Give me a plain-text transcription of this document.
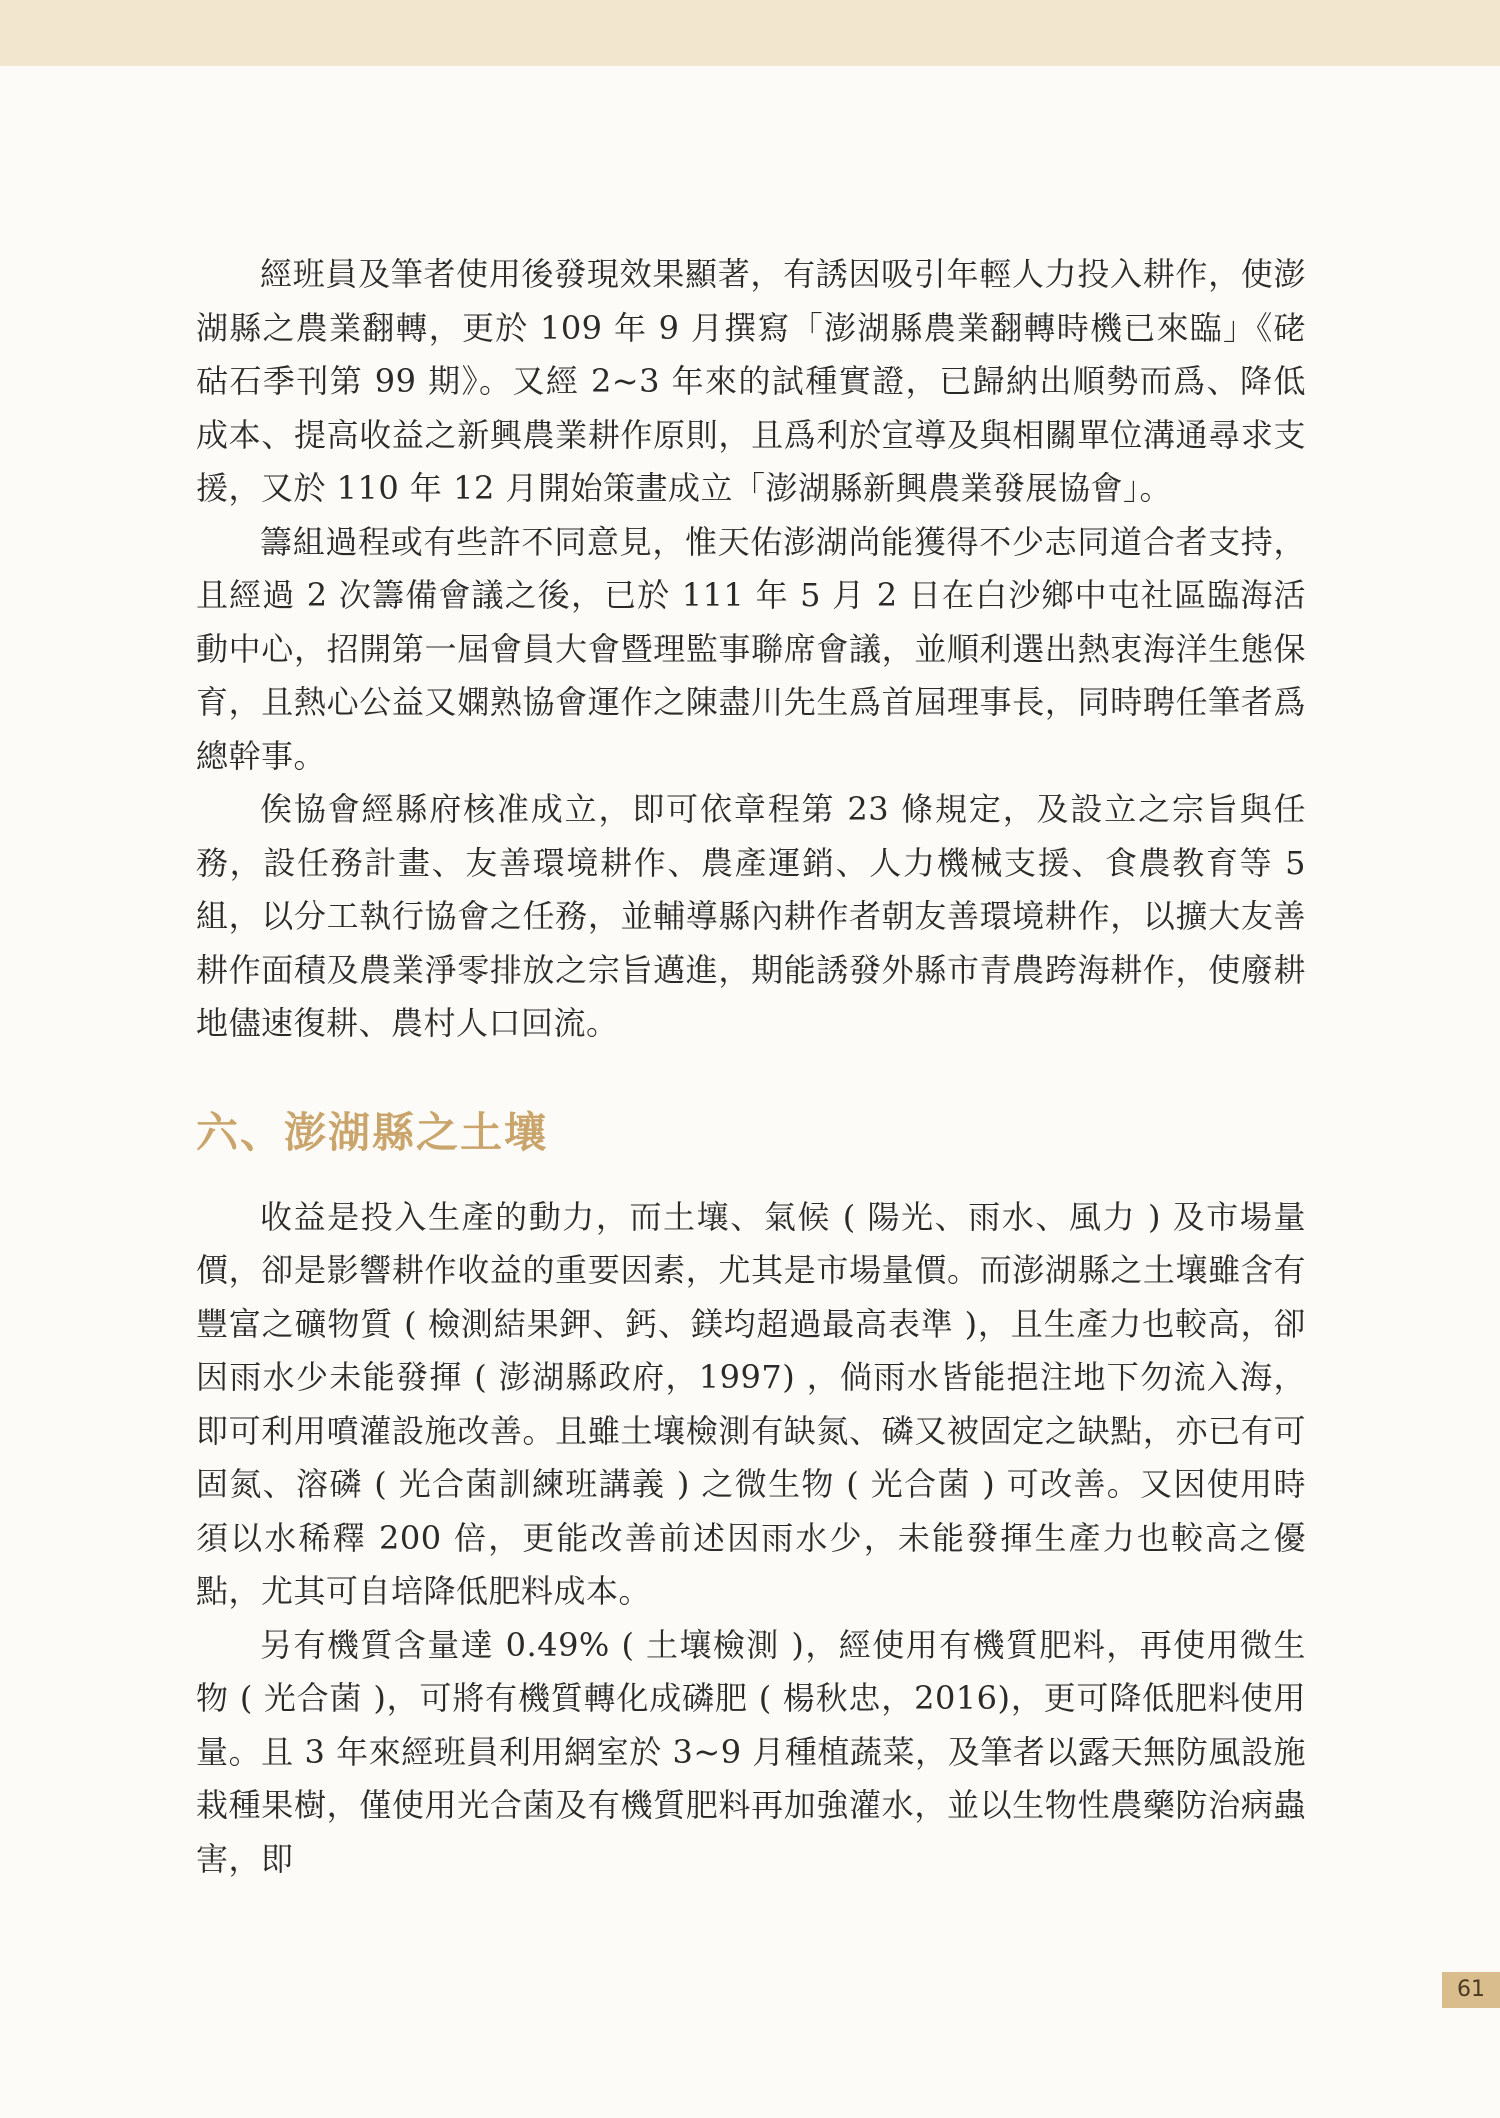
經班員及筆者使用後發現效果顯著，有誘因吸引年輕人力投入耕作，使澎湖縣之農業翻轉，更於 109 年 9 月撰寫「澎湖縣農業翻轉時機已來臨」《硓𥑮石季刊第 99 期》。又經 2~3 年來的試種實證，已歸納出順勢而爲、降低成本、提高收益之新興農業耕作原則，且爲利於宣導及與相關單位溝通尋求支援，又於 110 年 12 月開始策畫成立「澎湖縣新興農業發展協會」。

籌組過程或有些許不同意見，惟天佑澎湖尚能獲得不少志同道合者支持，且經過 2 次籌備會議之後，已於 111 年 5 月 2 日在白沙鄉中屯社區臨海活動中心，招開第一屆會員大會暨理監事聯席會議，並順利選出熱衷海洋生態保育，且熱心公益又嫻熟協會運作之陳盡川先生爲首屆理事長，同時聘任筆者爲總幹事。

俟協會經縣府核准成立，即可依章程第 23 條規定，及設立之宗旨與任務，設任務計畫、友善環境耕作、農產運銷、人力機械支援、食農教育等 5 組，以分工執行協會之任務，並輔導縣內耕作者朝友善環境耕作，以擴大友善耕作面積及農業淨零排放之宗旨邁進，期能誘發外縣市青農跨海耕作，使廢耕地儘速復耕、農村人口回流。

六、澎湖縣之土壤

收益是投入生產的動力，而土壤、氣候 ( 陽光、雨水、風力 ) 及市場量價，卻是影響耕作收益的重要因素，尤其是市場量價。而澎湖縣之土壤雖含有豐富之礦物質 ( 檢測結果鉀、鈣、鎂均超過最高表準 )，且生產力也較高，卻因雨水少未能發揮 ( 澎湖縣政府，1997) ，倘雨水皆能挹注地下勿流入海，即可利用噴灌設施改善。且雖土壤檢測有缺氮、磷又被固定之缺點，亦已有可固氮、溶磷 ( 光合菌訓練班講義 ) 之微生物 ( 光合菌 ) 可改善。又因使用時須以水稀釋 200 倍，更能改善前述因雨水少，未能發揮生產力也較高之優點，尤其可自培降低肥料成本。

另有機質含量達 0.49% ( 土壤檢測 )，經使用有機質肥料，再使用微生物 ( 光合菌 )，可將有機質轉化成磷肥 ( 楊秋忠，2016)，更可降低肥料使用量。且 3 年來經班員利用網室於 3~9 月種植蔬菜，及筆者以露天無防風設施栽種果樹，僅使用光合菌及有機質肥料再加強灌水，並以生物性農藥防治病蟲害，即

61
